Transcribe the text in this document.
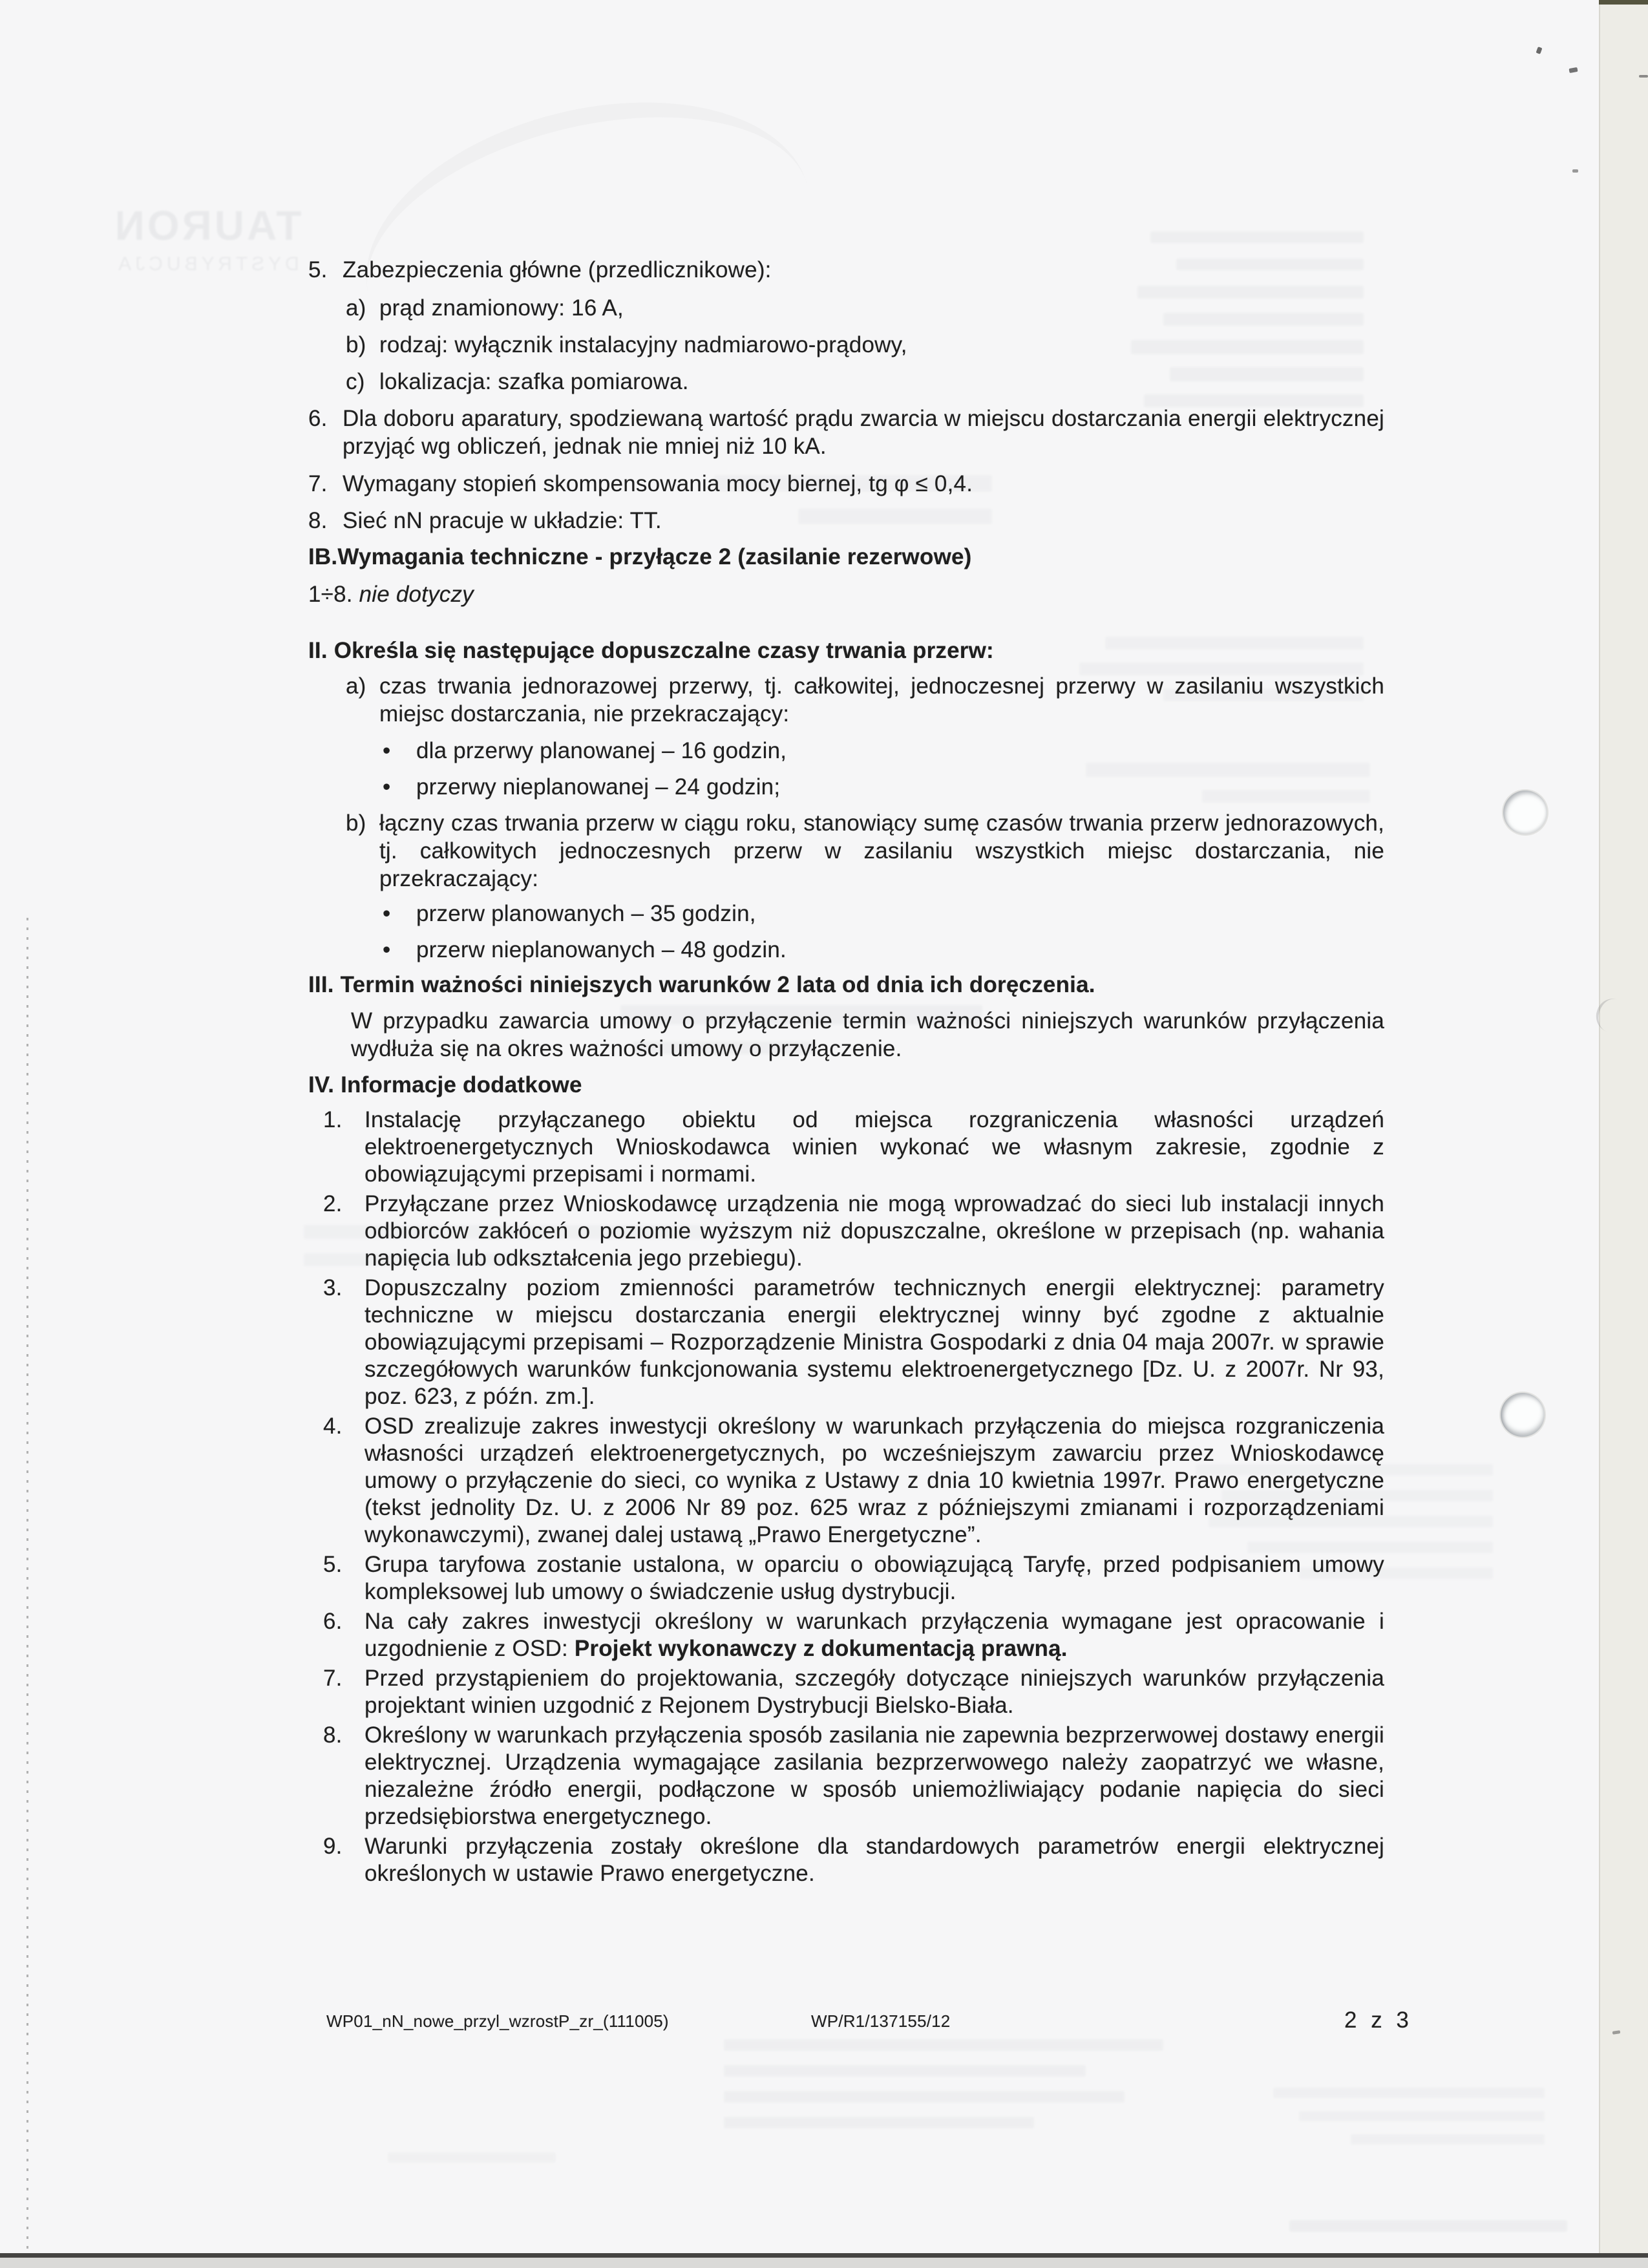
TAURON
DYSTRYBUCJA 5. Zabezpieczenia główne (przedlicznikowe):
a) prąd znamionowy: 16 A,
b) rodzaj: wyłącznik instalacyjny nadmiarowo-prądowy,
c) lokalizacja: szafka pomiarowa.
6. Dla doboru aparatury, spodziewaną wartość prądu zwarcia w miejscu dostarczania energii elektrycznej przyjąć wg obliczeń, jednak nie mniej niż 10 kA.
7. Wymagany stopień skompensowania mocy biernej, tg φ ≤ 0,4.
8. Sieć nN pracuje w układzie: TT.
IB.Wymagania techniczne - przyłącze 2 (zasilanie rezerwowe)
1÷8. nie dotyczy
II. Określa się następujące dopuszczalne czasy trwania przerw:
a) czas trwania jednorazowej przerwy, tj. całkowitej, jednoczesnej przerwy w zasilaniu wszystkich miejsc dostarczania, nie przekraczający:
• dla przerwy planowanej – 16 godzin,
• przerwy nieplanowanej – 24 godzin;
b) łączny czas trwania przerw w ciągu roku, stanowiący sumę czasów trwania przerw jednorazowych, tj. całkowitych jednoczesnych przerw w zasilaniu wszystkich miejsc dostarczania, nie przekraczający:
• przerw planowanych – 35 godzin,
• przerw nieplanowanych – 48 godzin.
III. Termin ważności niniejszych warunków 2 lata od dnia ich doręczenia.
W przypadku zawarcia umowy o przyłączenie termin ważności niniejszych warunków przyłączenia wydłuża się na okres ważności umowy o przyłączenie.
IV. Informacje dodatkowe

1. Instalację przyłączanego obiektu od miejsca rozgraniczenia własności urządzeń elektroenergetycznych Wnioskodawca winien wykonać we własnym zakresie, zgodnie z obowiązującymi przepisami i normami.

2. Przyłączane przez Wnioskodawcę urządzenia nie mogą wprowadzać do sieci lub instalacji innych odbiorców zakłóceń o poziomie wyższym niż dopuszczalne, określone w przepisach (np. wahania napięcia lub odkształcenia jego przebiegu).

3. Dopuszczalny poziom zmienności parametrów technicznych energii elektrycznej: parametry techniczne w miejscu dostarczania energii elektrycznej winny być zgodne z aktualnie obowiązującymi przepisami – Rozporządzenie Ministra Gospodarki z dnia 04 maja 2007r. w sprawie szczegółowych warunków funkcjonowania systemu elektroenergetycznego [Dz. U. z 2007r. Nr 93, poz. 623, z późn. zm.].

4. OSD zrealizuje zakres inwestycji określony w warunkach przyłączenia do miejsca rozgraniczenia własności urządzeń elektroenergetycznych, po wcześniejszym zawarciu przez Wnioskodawcę umowy o przyłączenie do sieci, co wynika z Ustawy z dnia 10 kwietnia 1997r. Prawo energetyczne (tekst jednolity Dz. U. z 2006 Nr 89 poz. 625 wraz z późniejszymi zmianami i rozporządzeniami wykonawczymi), zwanej dalej ustawą „Prawo Energetyczne”.

5. Grupa taryfowa zostanie ustalona, w oparciu o obowiązującą Taryfę, przed podpisaniem umowy kompleksowej lub umowy o świadczenie usług dystrybucji.

6. Na cały zakres inwestycji określony w warunkach przyłączenia wymagane jest opracowanie i uzgodnienie z OSD: Projekt wykonawczy z dokumentacją prawną.

7. Przed przystąpieniem do projektowania, szczegóły dotyczące niniejszych warunków przyłączenia projektant winien uzgodnić z Rejonem Dystrybucji Bielsko-Biała.

8. Określony w warunkach przyłączenia sposób zasilania nie zapewnia bezprzerwowej dostawy energii elektrycznej. Urządzenia wymagające zasilania bezprzerwowego należy zaopatrzyć we własne, niezależne źródło energii, podłączone w sposób uniemożliwiający podanie napięcia do sieci przedsiębiorstwa energetycznego.

9. Warunki przyłączenia zostały określone dla standardowych parametrów energii elektrycznej określonych w ustawie Prawo energetyczne.

WP01_nN_nowe_przyl_wzrostP_zr_(111005)	WP/R1/137155/12	2 z 3
